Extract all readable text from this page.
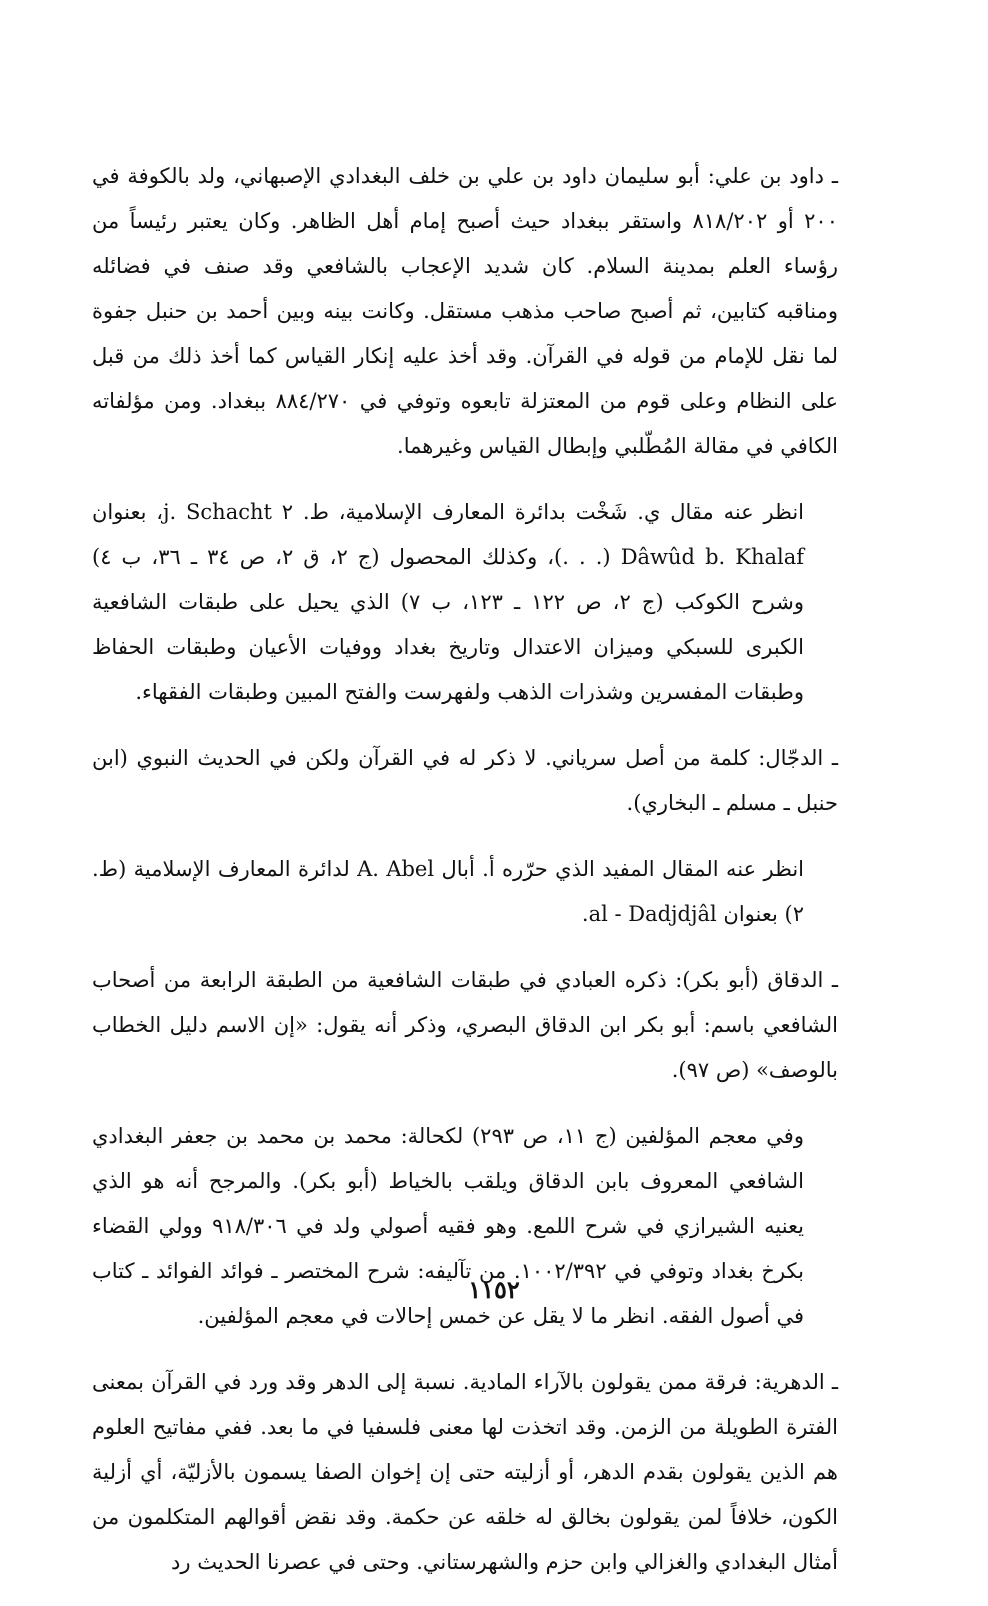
ـ داود بن علي: أبو سليمان داود بن علي بن خلف البغدادي الإصبهاني، ولد بالكوفة في ٢٠٠ أو ٨١٨/٢٠٢ واستقر ببغداد حيث أصبح إمام أهل الظاهر. وكان يعتبر رئيساً من رؤساء العلم بمدينة السلام. كان شديد الإعجاب بالشافعي وقد صنف في فضائله ومناقبه كتابين، ثم أصبح صاحب مذهب مستقل. وكانت بينه وبين أحمد بن حنبل جفوة لما نقل للإمام من قوله في القرآن. وقد أخذ عليه إنكار القياس كما أخذ ذلك من قبل على النظام وعلى قوم من المعتزلة تابعوه وتوفي في ٨٨٤/٢٧٠ ببغداد. ومن مؤلفاته الكافي في مقالة المُطّلبي وإبطال القياس وغيرهما.

انظر عنه مقال ي. شَخْت بدائرة المعارف الإسلامية، ط. ٢ j. Schacht، بعنوان Dâwûd b. Khalaf (. . .)، وكذلك المحصول (ج ٢، ق ٢، ص ٣٤ ـ ٣٦، ب ٤) وشرح الكوكب (ج ٢، ص ١٢٢ ـ ١٢٣، ب ٧) الذي يحيل على طبقات الشافعية الكبرى للسبكي وميزان الاعتدال وتاريخ بغداد ووفيات الأعيان وطبقات الحفاظ وطبقات المفسرين وشذرات الذهب ولفهرست والفتح المبين وطبقات الفقهاء.

ـ الدجّال: كلمة من أصل سرياني. لا ذكر له في القرآن ولكن في الحديث النبوي (ابن حنبل ـ مسلم ـ البخاري).

انظر عنه المقال المفيد الذي حرّره أ. أبال A. Abel لدائرة المعارف الإسلامية (ط. ٢) بعنوان al - Dadjdjâl.

ـ الدقاق (أبو بكر): ذكره العبادي في طبقات الشافعية من الطبقة الرابعة من أصحاب الشافعي باسم: أبو بكر ابن الدقاق البصري، وذكر أنه يقول: «إن الاسم دليل الخطاب بالوصف» (ص ٩٧).

وفي معجم المؤلفين (ج ١١، ص ٢٩٣) لكحالة: محمد بن محمد بن جعفر البغدادي الشافعي المعروف بابن الدقاق ويلقب بالخياط (أبو بكر). والمرجح أنه هو الذي يعنيه الشيرازي في شرح اللمع. وهو فقيه أصولي ولد في ٩١٨/٣٠٦ وولي القضاء بكرخ بغداد وتوفي في ١٠٠٢/٣٩٢. من تآليفه: شرح المختصر ـ فوائد الفوائد ـ كتاب في أصول الفقه. انظر ما لا يقل عن خمس إحالات في معجم المؤلفين.

ـ الدهرية: فرقة ممن يقولون بالآراء المادية. نسبة إلى الدهر وقد ورد في القرآن بمعنى الفترة الطويلة من الزمن. وقد اتخذت لها معنى فلسفيا في ما بعد. ففي مفاتيح العلوم هم الذين يقولون بقدم الدهر، أو أزليته حتى إن إخوان الصفا يسمون بالأزليّة، أي أزلية الكون، خلافاً لمن يقولون بخالق له خلقه عن حكمة. وقد نقض أقوالهم المتكلمون من أمثال البغدادي والغزالي وابن حزم والشهرستاني. وحتى في عصرنا الحديث رد

١١٥٢
